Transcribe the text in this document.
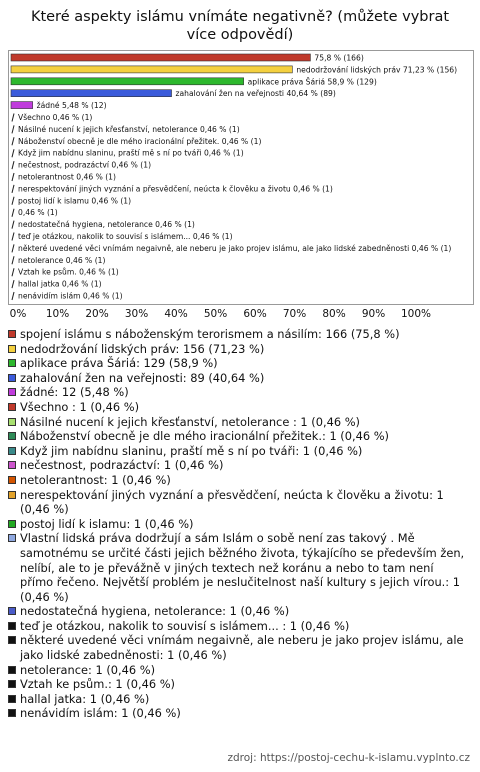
Které aspekty islámu vnímáte negativně? (můžete vybrat více odpovědí)
75,8 % (166)
nedodržování lidských práv 71,23 % (156)
aplikace práva Šáriá 58,9 % (129)
zahalování žen na veřejnosti 40,64 % (89)
žádné 5,48 % (12)
Všechno 0,46 % (1)
Násilné nucení k jejich křesťanství, netolerance 0,46 % (1)
Náboženství obecně je dle mého iracionální přežitek. 0,46 % (1)
Když jim nabídnu slaninu, praští mě s ní po tváři 0,46 % (1)
nečestnost, podrazáctví 0,46 % (1)
netolerantnost 0,46 % (1)
nerespektování jiných vyznání a přesvědčení, neúcta k člověku a životu 0,46 % (1)
postoj lidí k islamu 0,46 % (1)
0,46 % (1)
nedostatečná hygiena, netolerance 0,46 % (1)
teď je otázkou, nakolik to souvisí s islámem... 0,46 % (1)
některé uvedené věci vnímám negaivně, ale neberu je jako projev islámu, ale jako lidské zabedněnosti 0,46 % (1)
netolerance 0,46 % (1)
Vztah ke psům. 0,46 % (1)
hallal jatka 0,46 % (1)
nenávidím islám 0,46 % (1)
spojení islámu s náboženským terorismem a násilím: 166 (75,8 %)
nedodržování lidských práv: 156 (71,23 %)
aplikace práva Šáriá: 129 (58,9 %)
zahalování žen na veřejnosti: 89 (40,64 %)
žádné: 12 (5,48 %)
Všechno : 1 (0,46 %)
Násilné nucení k jejich křesťanství, netolerance : 1 (0,46 %)
Náboženství obecně je dle mého iracionální přežitek.: 1 (0,46 %)
Když jim nabídnu slaninu, praští mě s ní po tváři: 1 (0,46 %)
nečestnost, podrazáctví: 1 (0,46 %)
netolerantnost: 1 (0,46 %)
nerespektování jiných vyznání a přesvědčení, neúcta k člověku a životu: 1 (0,46 %)
postoj lidí k islamu: 1 (0,46 %)
Vlastní lidská práva dodržují a sám Islám o sobě není zas takový . Mě samotnému se určité části jejich běžného života, týkajícího se především žen, nelíbí, ale to je převážně v jiných textech než koránu a nebo to tam není přímo řečeno. Největší problém je neslučitelnost naší kultury s jejich vírou.: 1 (0,46 %)
nedostatečná hygiena, netolerance: 1 (0,46 %)
teď je otázkou, nakolik to souvisí s islámem... : 1 (0,46 %)
některé uvedené věci vnímám negaivně, ale neberu je jako projev islámu, ale jako lidské zabedněnosti: 1 (0,46 %)
netolerance: 1 (0,46 %)
Vztah ke psům.: 1 (0,46 %)
hallal jatka: 1 (0,46 %)
nenávidím islám: 1 (0,46 %)
zdroj: https://postoj-cechu-k-islamu.vyplnto.cz
0%	10% 20% 30% 40% 50% 60% 70% 80% 90% 100%
